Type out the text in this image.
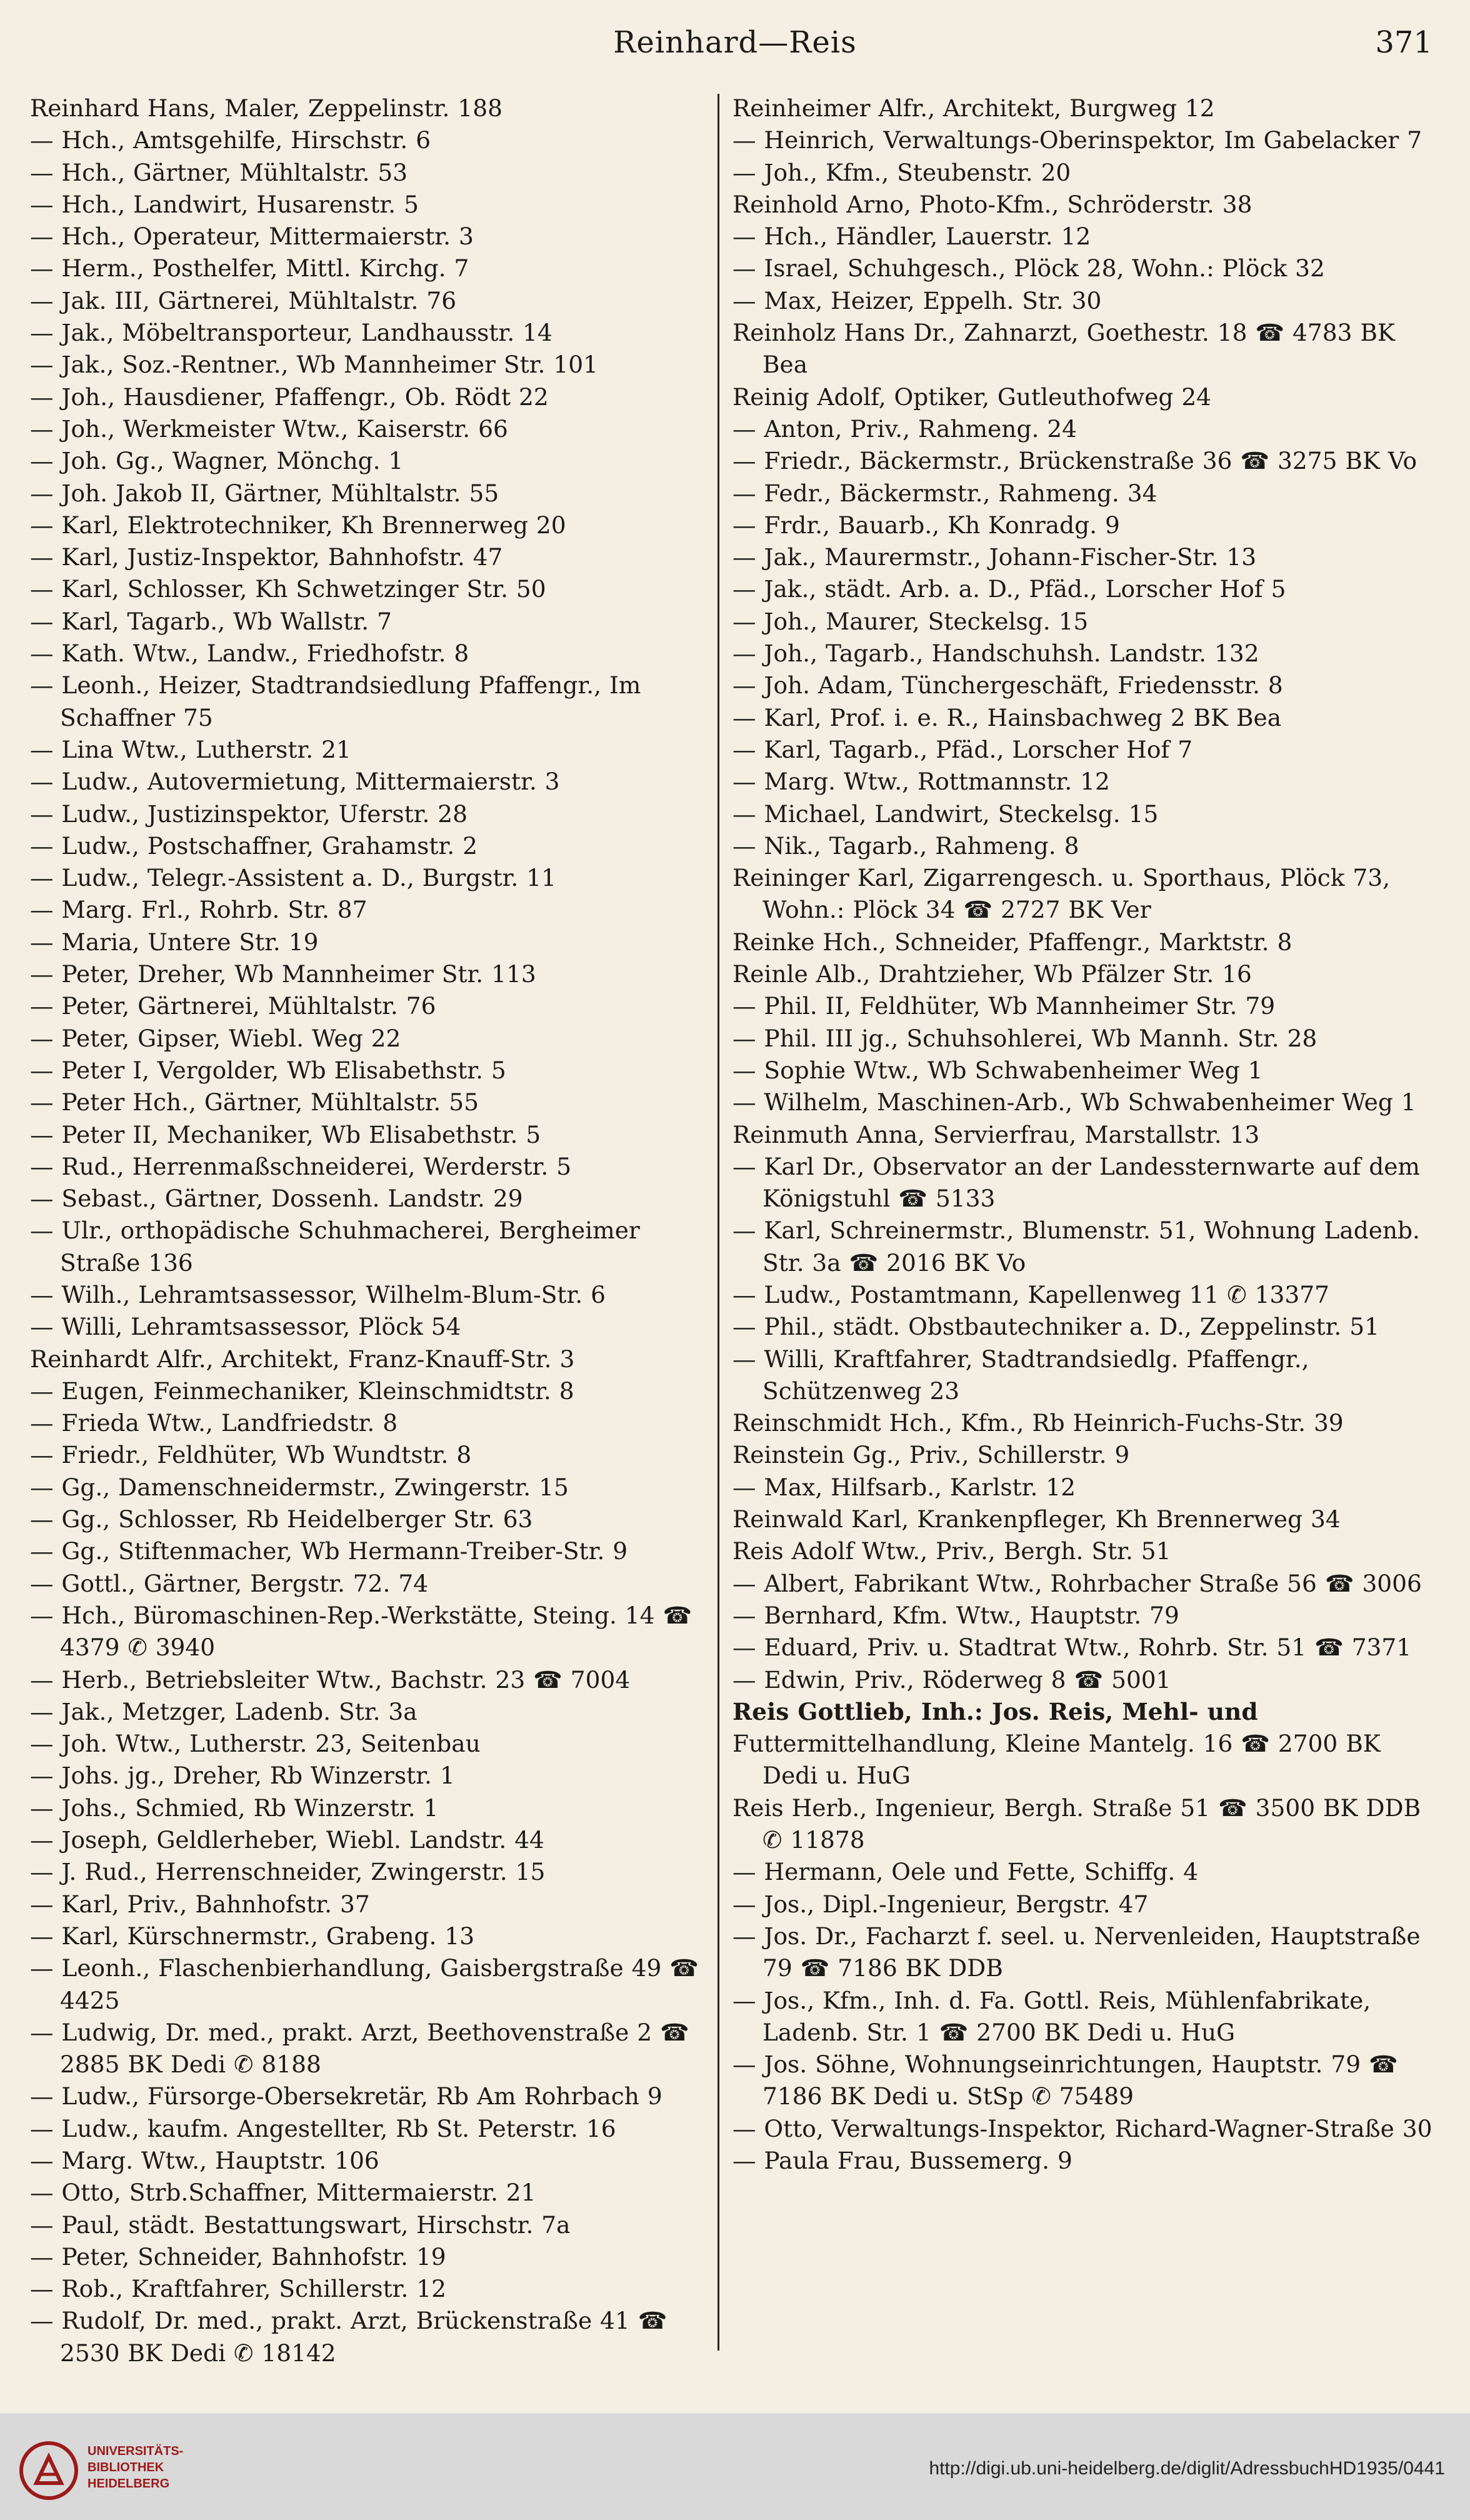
Reinhard—Reis	371

Reinhard Hans, Maler, Zeppelinstr. 188

— Hch., Amtsgehilfe, Hirschstr. 6

— Hch., Gärtner, Mühltalstr. 53

— Hch., Landwirt, Husarenstr. 5

— Hch., Operateur, Mittermaierstr. 3

— Herm., Posthelfer, Mittl. Kirchg. 7

— Jak. III, Gärtnerei, Mühltalstr. 76

— Jak., Möbeltransporteur, Landhausstr. 14

— Jak., Soz.-Rentner., Wb Mannheimer Str. 101

— Joh., Hausdiener, Pfaffengr., Ob. Rödt 22

— Joh., Werkmeister Wtw., Kaiserstr. 66

— Joh. Gg., Wagner, Mönchg. 1

— Joh. Jakob II, Gärtner, Mühltalstr. 55

— Karl, Elektrotechniker, Kh Brennerweg 20

— Karl, Justiz-Inspektor, Bahnhofstr. 47

— Karl, Schlosser, Kh Schwetzinger Str. 50

— Karl, Tagarb., Wb Wallstr. 7

— Kath. Wtw., Landw., Friedhofstr. 8

— Leonh., Heizer, Stadtrandsiedlung Pfaffengr., Im Schaffner 75

— Lina Wtw., Lutherstr. 21

— Ludw., Autovermietung, Mittermaierstr. 3

— Ludw., Justizinspektor, Uferstr. 28

— Ludw., Postschaffner, Grahamstr. 2

— Ludw., Telegr.-Assistent a. D., Burgstr. 11

— Marg. Frl., Rohrb. Str. 87

— Maria, Untere Str. 19

— Peter, Dreher, Wb Mannheimer Str. 113

— Peter, Gärtnerei, Mühltalstr. 76

— Peter, Gipser, Wiebl. Weg 22

— Peter I, Vergolder, Wb Elisabethstr. 5

— Peter Hch., Gärtner, Mühltalstr. 55

— Peter II, Mechaniker, Wb Elisabethstr. 5

— Rud., Herrenmaßschneiderei, Werderstr. 5

— Sebast., Gärtner, Dossenh. Landstr. 29

— Ulr., orthopädische Schuhmacherei, Bergheimer Straße 136

— Wilh., Lehramtsassessor, Wilhelm-Blum-Str. 6

— Willi, Lehramtsassessor, Plöck 54

Reinhardt Alfr., Architekt, Franz-Knauff-Str. 3

— Eugen, Feinmechaniker, Kleinschmidtstr. 8

— Frieda Wtw., Landfriedstr. 8

— Friedr., Feldhüter, Wb Wundtstr. 8

— Gg., Damenschneidermstr., Zwingerstr. 15

— Gg., Schlosser, Rb Heidelberger Str. 63

— Gg., Stiftenmacher, Wb Hermann-Treiber-Str. 9

— Gottl., Gärtner, Bergstr. 72. 74

— Hch., Büromaschinen-Rep.-Werkstätte, Steing. 14 ☎ 4379 ✆ 3940

— Herb., Betriebsleiter Wtw., Bachstr. 23 ☎ 7004

— Jak., Metzger, Ladenb. Str. 3a

— Joh. Wtw., Lutherstr. 23, Seitenbau

— Johs. jg., Dreher, Rb Winzerstr. 1

— Johs., Schmied, Rb Winzerstr. 1

— Joseph, Geldlerheber, Wiebl. Landstr. 44

— J. Rud., Herrenschneider, Zwingerstr. 15

— Karl, Priv., Bahnhofstr. 37

— Karl, Kürschnermstr., Grabeng. 13

— Leonh., Flaschenbierhandlung, Gaisbergstraße 49 ☎ 4425

— Ludwig, Dr. med., prakt. Arzt, Beethovenstraße 2 ☎ 2885 BK Dedi ✆ 8188

— Ludw., Fürsorge-Obersekretär, Rb Am Rohrbach 9

— Ludw., kaufm. Angestellter, Rb St. Peterstr. 16

— Marg. Wtw., Hauptstr. 106

— Otto, Strb.Schaffner, Mittermaierstr. 21

— Paul, städt. Bestattungswart, Hirschstr. 7a

— Peter, Schneider, Bahnhofstr. 19

— Rob., Kraftfahrer, Schillerstr. 12

— Rudolf, Dr. med., prakt. Arzt, Brückenstraße 41 ☎ 2530 BK Dedi ✆ 18142

Reinheimer Alfr., Architekt, Burgweg 12

— Heinrich, Verwaltungs-Oberinspektor, Im Gabelacker 7

— Joh., Kfm., Steubenstr. 20

Reinhold Arno, Photo-Kfm., Schröderstr. 38

— Hch., Händler, Lauerstr. 12

— Israel, Schuhgesch., Plöck 28, Wohn.: Plöck 32

— Max, Heizer, Eppelh. Str. 30

Reinholz Hans Dr., Zahnarzt, Goethestr. 18 ☎ 4783 BK Bea

Reinig Adolf, Optiker, Gutleuthofweg 24

— Anton, Priv., Rahmeng. 24

— Friedr., Bäckermstr., Brückenstraße 36 ☎ 3275 BK Vo

— Fedr., Bäckermstr., Rahmeng. 34

— Frdr., Bauarb., Kh Konradg. 9

— Jak., Maurermstr., Johann-Fischer-Str. 13

— Jak., städt. Arb. a. D., Pfäd., Lorscher Hof 5

— Joh., Maurer, Steckelsg. 15

— Joh., Tagarb., Handschuhsh. Landstr. 132

— Joh. Adam, Tünchergeschäft, Friedensstr. 8

— Karl, Prof. i. e. R., Hainsbachweg 2 BK Bea

— Karl, Tagarb., Pfäd., Lorscher Hof 7

— Marg. Wtw., Rottmannstr. 12

— Michael, Landwirt, Steckelsg. 15

— Nik., Tagarb., Rahmeng. 8

Reininger Karl, Zigarrengesch. u. Sporthaus, Plöck 73, Wohn.: Plöck 34 ☎ 2727 BK Ver

Reinke Hch., Schneider, Pfaffengr., Marktstr. 8

Reinle Alb., Drahtzieher, Wb Pfälzer Str. 16

— Phil. II, Feldhüter, Wb Mannheimer Str. 79

— Phil. III jg., Schuhsohlerei, Wb Mannh. Str. 28

— Sophie Wtw., Wb Schwabenheimer Weg 1

— Wilhelm, Maschinen-Arb., Wb Schwabenheimer Weg 1

Reinmuth Anna, Servierfrau, Marstallstr. 13

— Karl Dr., Observator an der Landessternwarte auf dem Königstuhl ☎ 5133

— Karl, Schreinermstr., Blumenstr. 51, Wohnung Ladenb. Str. 3a ☎ 2016 BK Vo

— Ludw., Postamtmann, Kapellenweg 11 ✆ 13377

— Phil., städt. Obstbautechniker a. D., Zeppelinstr. 51

— Willi, Kraftfahrer, Stadtrandsiedlg. Pfaffengr., Schützenweg 23

Reinschmidt Hch., Kfm., Rb Heinrich-Fuchs-Str. 39

Reinstein Gg., Priv., Schillerstr. 9

— Max, Hilfsarb., Karlstr. 12

Reinwald Karl, Krankenpfleger, Kh Brennerweg 34

Reis Adolf Wtw., Priv., Bergh. Str. 51

— Albert, Fabrikant Wtw., Rohrbacher Straße 56 ☎ 3006

— Bernhard, Kfm. Wtw., Hauptstr. 79

— Eduard, Priv. u. Stadtrat Wtw., Rohrb. Str. 51 ☎ 7371

— Edwin, Priv., Röderweg 8 ☎ 5001

Reis Gottlieb, Inh.: Jos. Reis, Mehl- und

Futtermittelhandlung, Kleine Mantelg. 16 ☎ 2700 BK Dedi u. HuG

Reis Herb., Ingenieur, Bergh. Straße 51 ☎ 3500 BK DDB ✆ 11878

— Hermann, Oele und Fette, Schiffg. 4

— Jos., Dipl.-Ingenieur, Bergstr. 47

— Jos. Dr., Facharzt f. seel. u. Nervenleiden, Hauptstraße 79 ☎ 7186 BK DDB

— Jos., Kfm., Inh. d. Fa. Gottl. Reis, Mühlenfabrikate, Ladenb. Str. 1 ☎ 2700 BK Dedi u. HuG

— Jos. Söhne, Wohnungseinrichtungen, Hauptstr. 79 ☎ 7186 BK Dedi u. StSp ✆ 75489

— Otto, Verwaltungs-Inspektor, Richard-Wagner-Straße 30

— Paula Frau, Bussemerg. 9

UNIVERSITÄTS-
BIBLIOTHEK
HEIDELBERG
http://digi.ub.uni-heidelberg.de/diglit/AdressbuchHD1935/0441
